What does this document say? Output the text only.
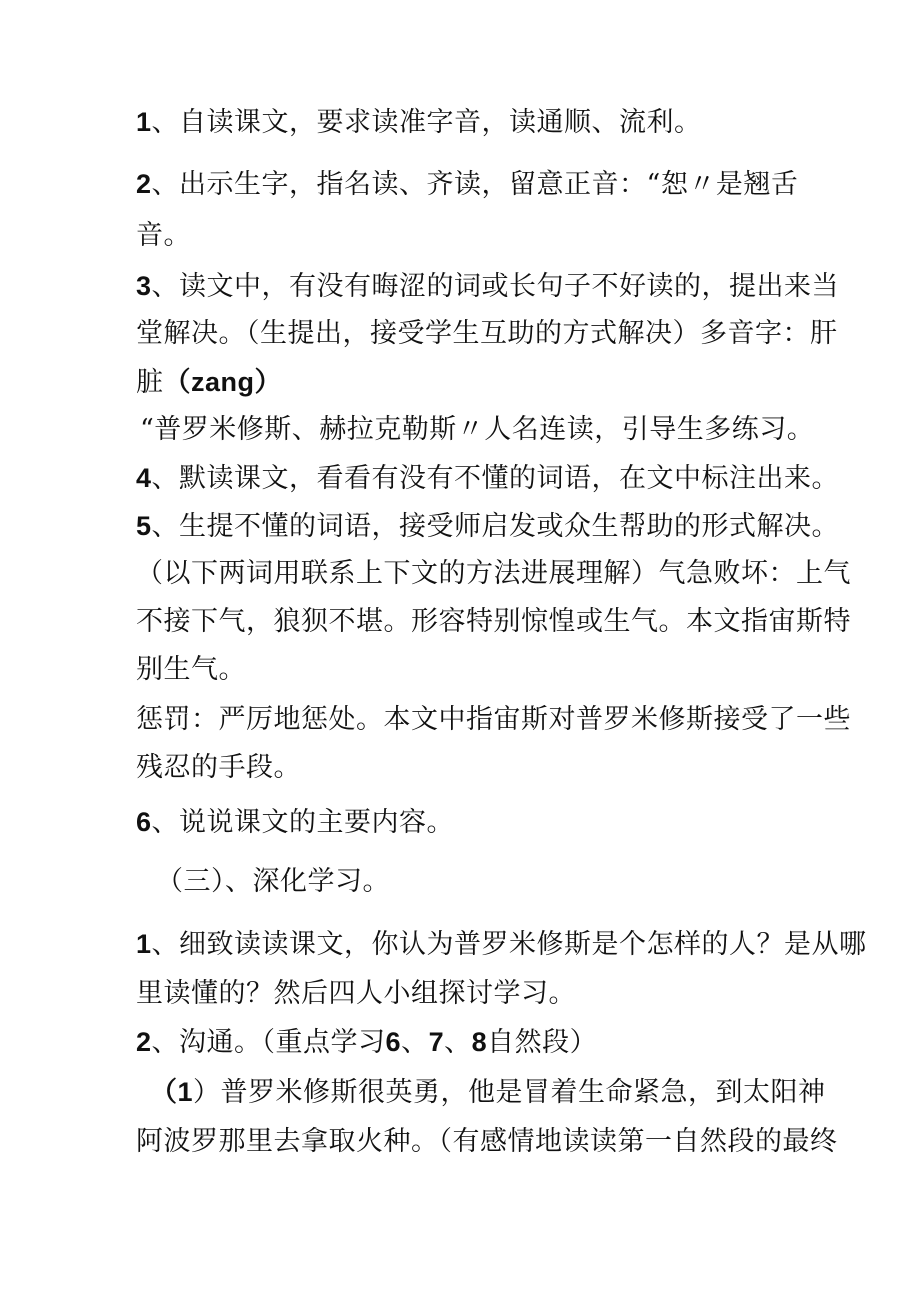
1、自读课文，要求读准字音，读通顺、流利。
2、出示生字，指名读、齐读，留意正音：“恕〃是翘舌
音。
3、读文中，有没有晦涩的词或长句子不好读的，提出来当
堂解决。（生提出，接受学生互助的方式解决）多音字：肝
脏（zang）
“普罗米修斯、赫拉克勒斯〃人名连读，引导生多练习。
4、默读课文，看看有没有不懂的词语，在文中标注出来。
5、生提不懂的词语，接受师启发或众生帮助的形式解决。
（以下两词用联系上下文的方法进展理解）气急败坏：上气
不接下气，狼狈不堪。形容特别惊惶或生气。本文指宙斯特
别生气。
惩罚：严厉地惩处。本文中指宙斯对普罗米修斯接受了一些
残忍的手段。
6、说说课文的主要内容。
（三）、深化学习。
1、细致读读课文，你认为普罗米修斯是个怎样的人？是从哪
里读懂的？然后四人小组探讨学习。
2、沟通。（重点学习6、7、8自然段）
（1）普罗米修斯很英勇，他是冒着生命紧急，到太阳神
阿波罗那里去拿取火种。（有感情地读读第一自然段的最终
